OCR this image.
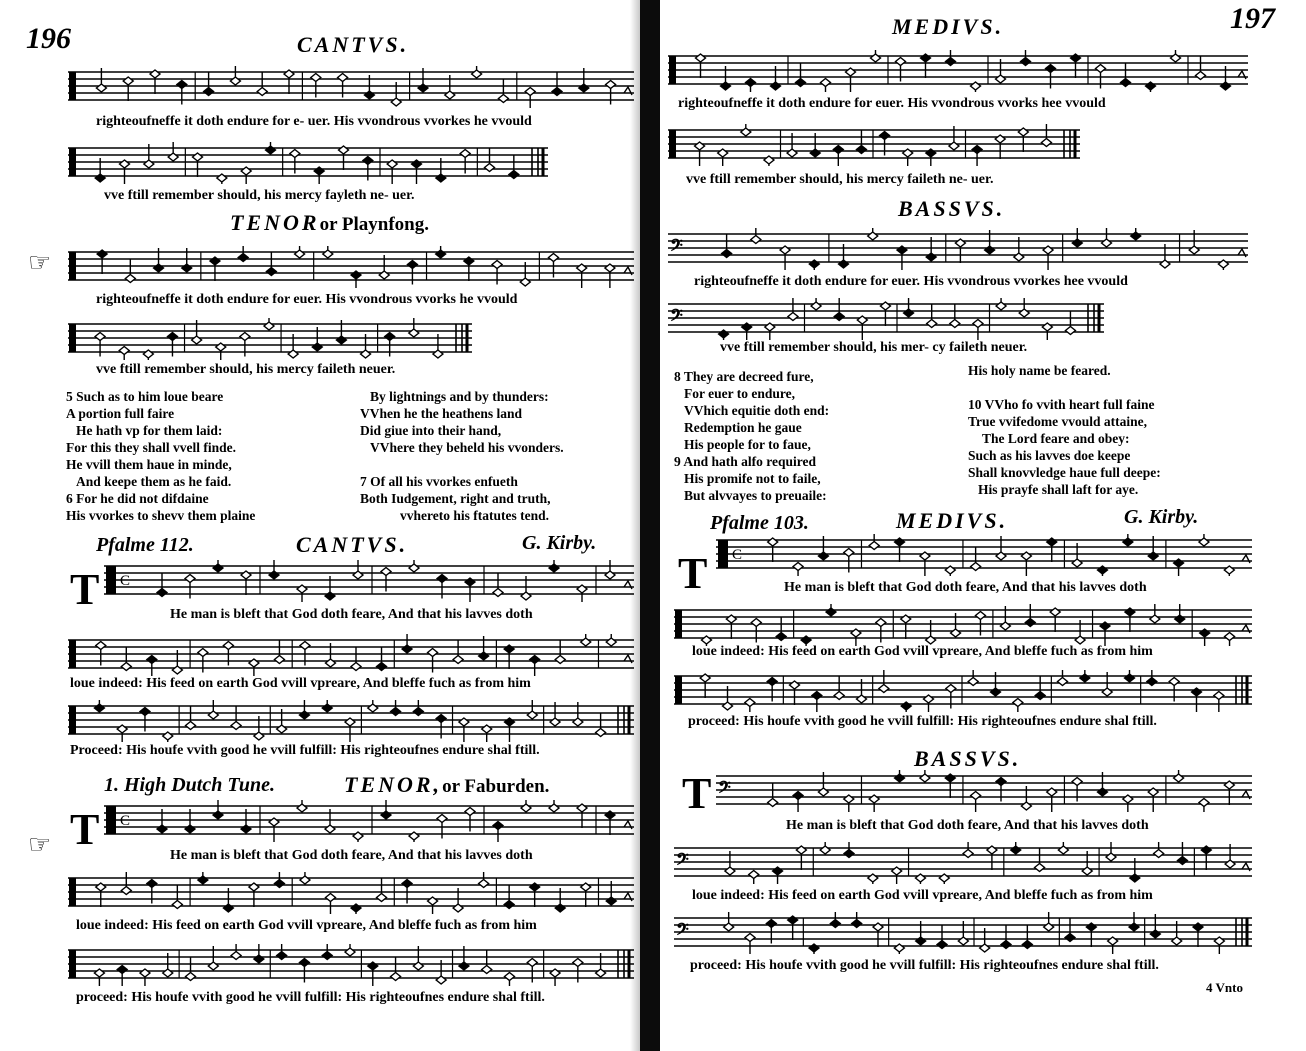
196	CANTVS.
righteoufneffe it doth endure for e- uer. His vvondrous vvorkes he vvould
vve ftill remember should, his mercy fayleth ne- uer.
TENORor Playnfong.
☞
righteoufneffe it doth endure for euer. His vvondrous vvorks he vvould
vve ftill remember should, his mercy faileth neuer.
5 Such as to him loue beare
A portion full faire
He hath vp for them laid:
For this they shall vvell finde.
He vvill them haue in minde,
And keepe them as he faid.
6 For he did not difdaine
His vvorkes to shevv them plaine
By lightnings and by thunders:
VVhen he the heathens land
Did giue into their hand,
VVhere they beheld his vvonders.

7 Of all his vvorkes enfueth
Both Iudgement, right and truth,
vvhereto his ftatutes tend.
Pfalme 112.	CANTVS.	G. Kirby.
T C
He man is bleft that God doth feare, And that his lavves doth
loue indeed: His feed on earth God vvill vpreare, And bleffe fuch as from him
Proceed: His houfe vvith good he vvill fulfill: His righteoufnes endure shal ftill.
1. High Dutch Tune.	TENOR,or Faburden.
☞ T C
He man is bleft that God doth feare, And that his lavves doth
loue indeed: His feed on earth God vvill vpreare, And bleffe fuch as from him
proceed: His houfe vvith good he vvill fulfill: His righteoufnes endure shal ftill.
197
MEDIVS.
righteoufneffe it doth endure for euer. His vvondrous vvorks hee vvould
vve ftill remember should, his mercy faileth ne- uer.
BASSVS.
𝄢
righteoufneffe it doth endure for euer. His vvondrous vvorkes hee vvould
𝄢
vve ftill remember should, his mer- cy faileth neuer.
8 They are decreed fure,
For euer to endure,
VVhich equitie doth end:
Redemption he gaue
His people for to faue,
9 And hath alfo required
His promife not to faile,
But alvvayes to preuaile:
His holy name be feared.

10 VVho fo vvith heart full faine
True vvifedome vvould attaine,
The Lord feare and obey:
Such as his lavves doe keepe
Shall knovvledge haue full deepe:
His prayfe shall laft for aye.
Pfalme 103.	MEDIVS.	G. Kirby.
T C
He man is bleft that God doth feare, And that his lavves doth
loue indeed: His feed on earth God vvill vpreare, And bleffe fuch as from him
proceed: His houfe vvith good he vvill fulfill: His righteoufnes endure shal ftill.
BASSVS.
T 𝄢
He man is bleft that God doth feare, And that his lavves doth
𝄢
loue indeed: His feed on earth God vvill vpreare, And bleffe fuch as from him
𝄢
proceed: His houfe vvith good he vvill fulfill: His righteoufnes endure shal ftill.
4 Vnto
